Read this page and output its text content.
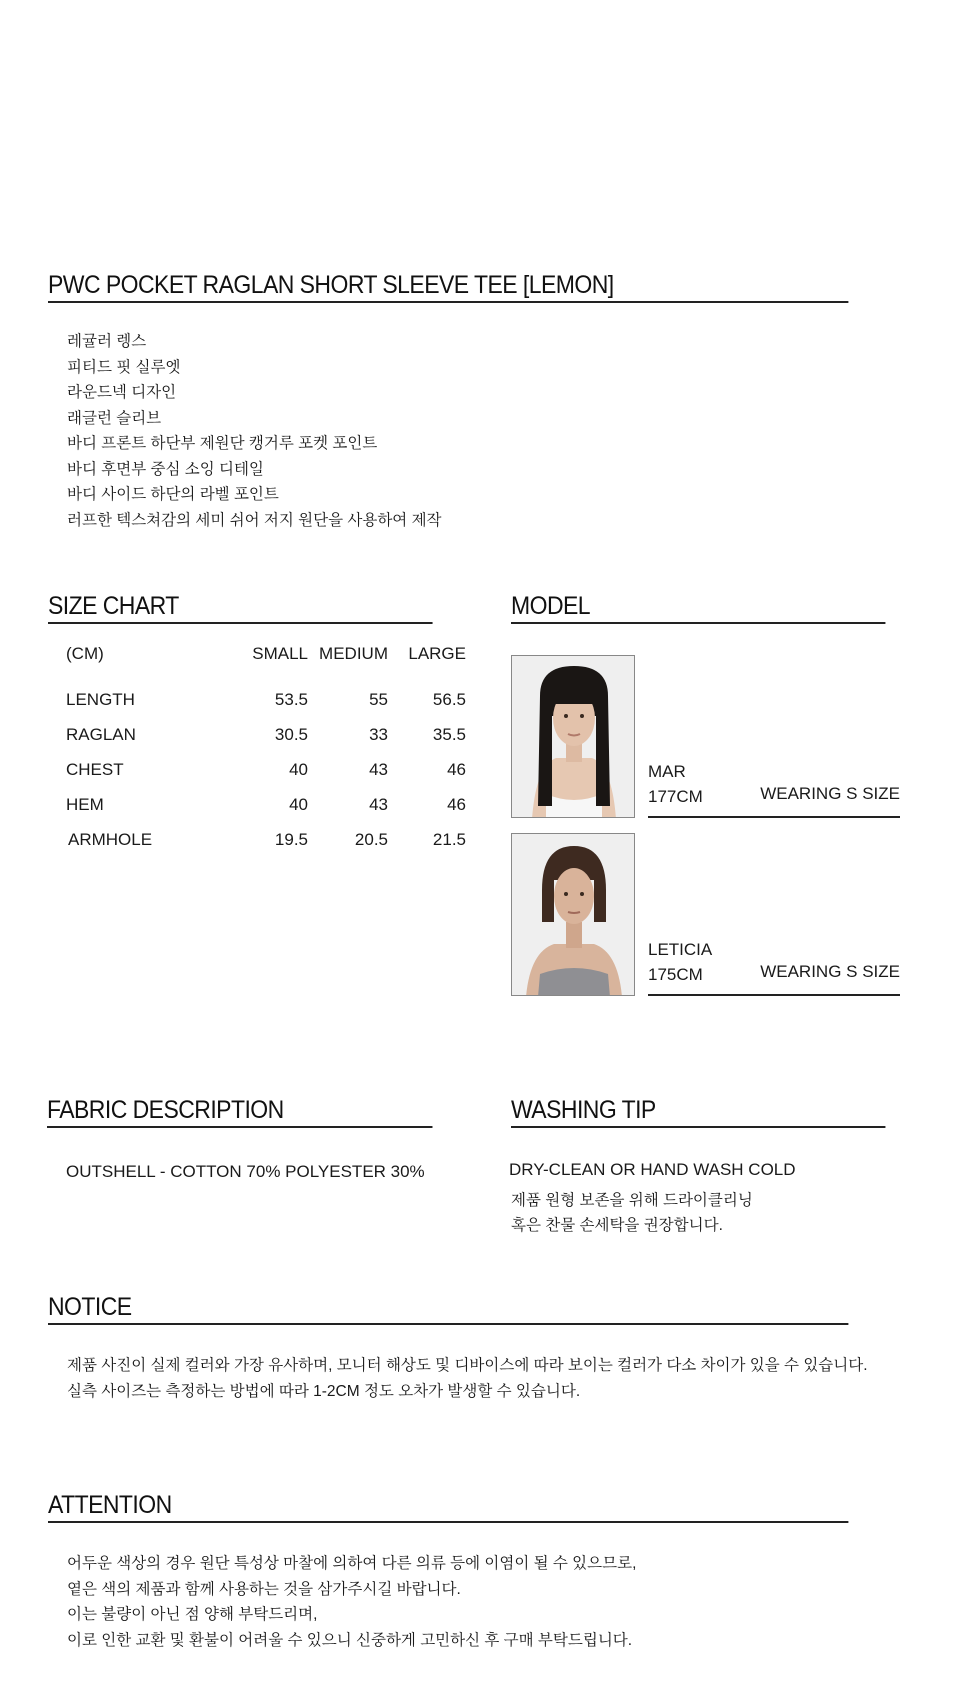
PWC POCKET RAGLAN SHORT SLEEVE TEE [LEMON]
레귤러 렝스
피티드 핏 실루엣
라운드넥 디자인
래글런 슬리브
바디 프론트 하단부 제원단 캥거루 포켓 포인트
바디 후면부 중심 소잉 디테일
바디 사이드 하단의 라벨 포인트
러프한 텍스쳐감의 세미 쉬어 저지 원단을 사용하여 제작
SIZE CHART
(CM)	SMALL MEDIUM LARGE
LENGTH	53.5	55	56.5
RAGLAN	30.5	33	35.5
CHEST	40	43	46
HEM	40	43	46
ARMHOLE	19.5	20.5	21.5
MODEL
MAR
177CM	WEARING S SIZE
LETICIA
175CM	WEARING S SIZE
FABRIC DESCRIPTION
OUTSHELL - COTTON 70% POLYESTER 30%
WASHING TIP
DRY-CLEAN OR HAND WASH COLD
제품 원형 보존을 위해 드라이클리닝
혹은 찬물 손세탁을 권장합니다.
NOTICE
제품 사진이 실제 컬러와 가장 유사하며, 모니터 해상도 및 디바이스에 따라 보이는 컬러가 다소 차이가 있을 수 있습니다.
실측 사이즈는 측정하는 방법에 따라 1-2CM 정도 오차가 발생할 수 있습니다.
ATTENTION
어두운 색상의 경우 원단 특성상 마찰에 의하여 다른 의류 등에 이염이 될 수 있으므로,
옅은 색의 제품과 함께 사용하는 것을 삼가주시길 바랍니다.
이는 불량이 아닌 점 양해 부탁드리며,
이로 인한 교환 및 환불이 어려울 수 있으니 신중하게 고민하신 후 구매 부탁드립니다.
